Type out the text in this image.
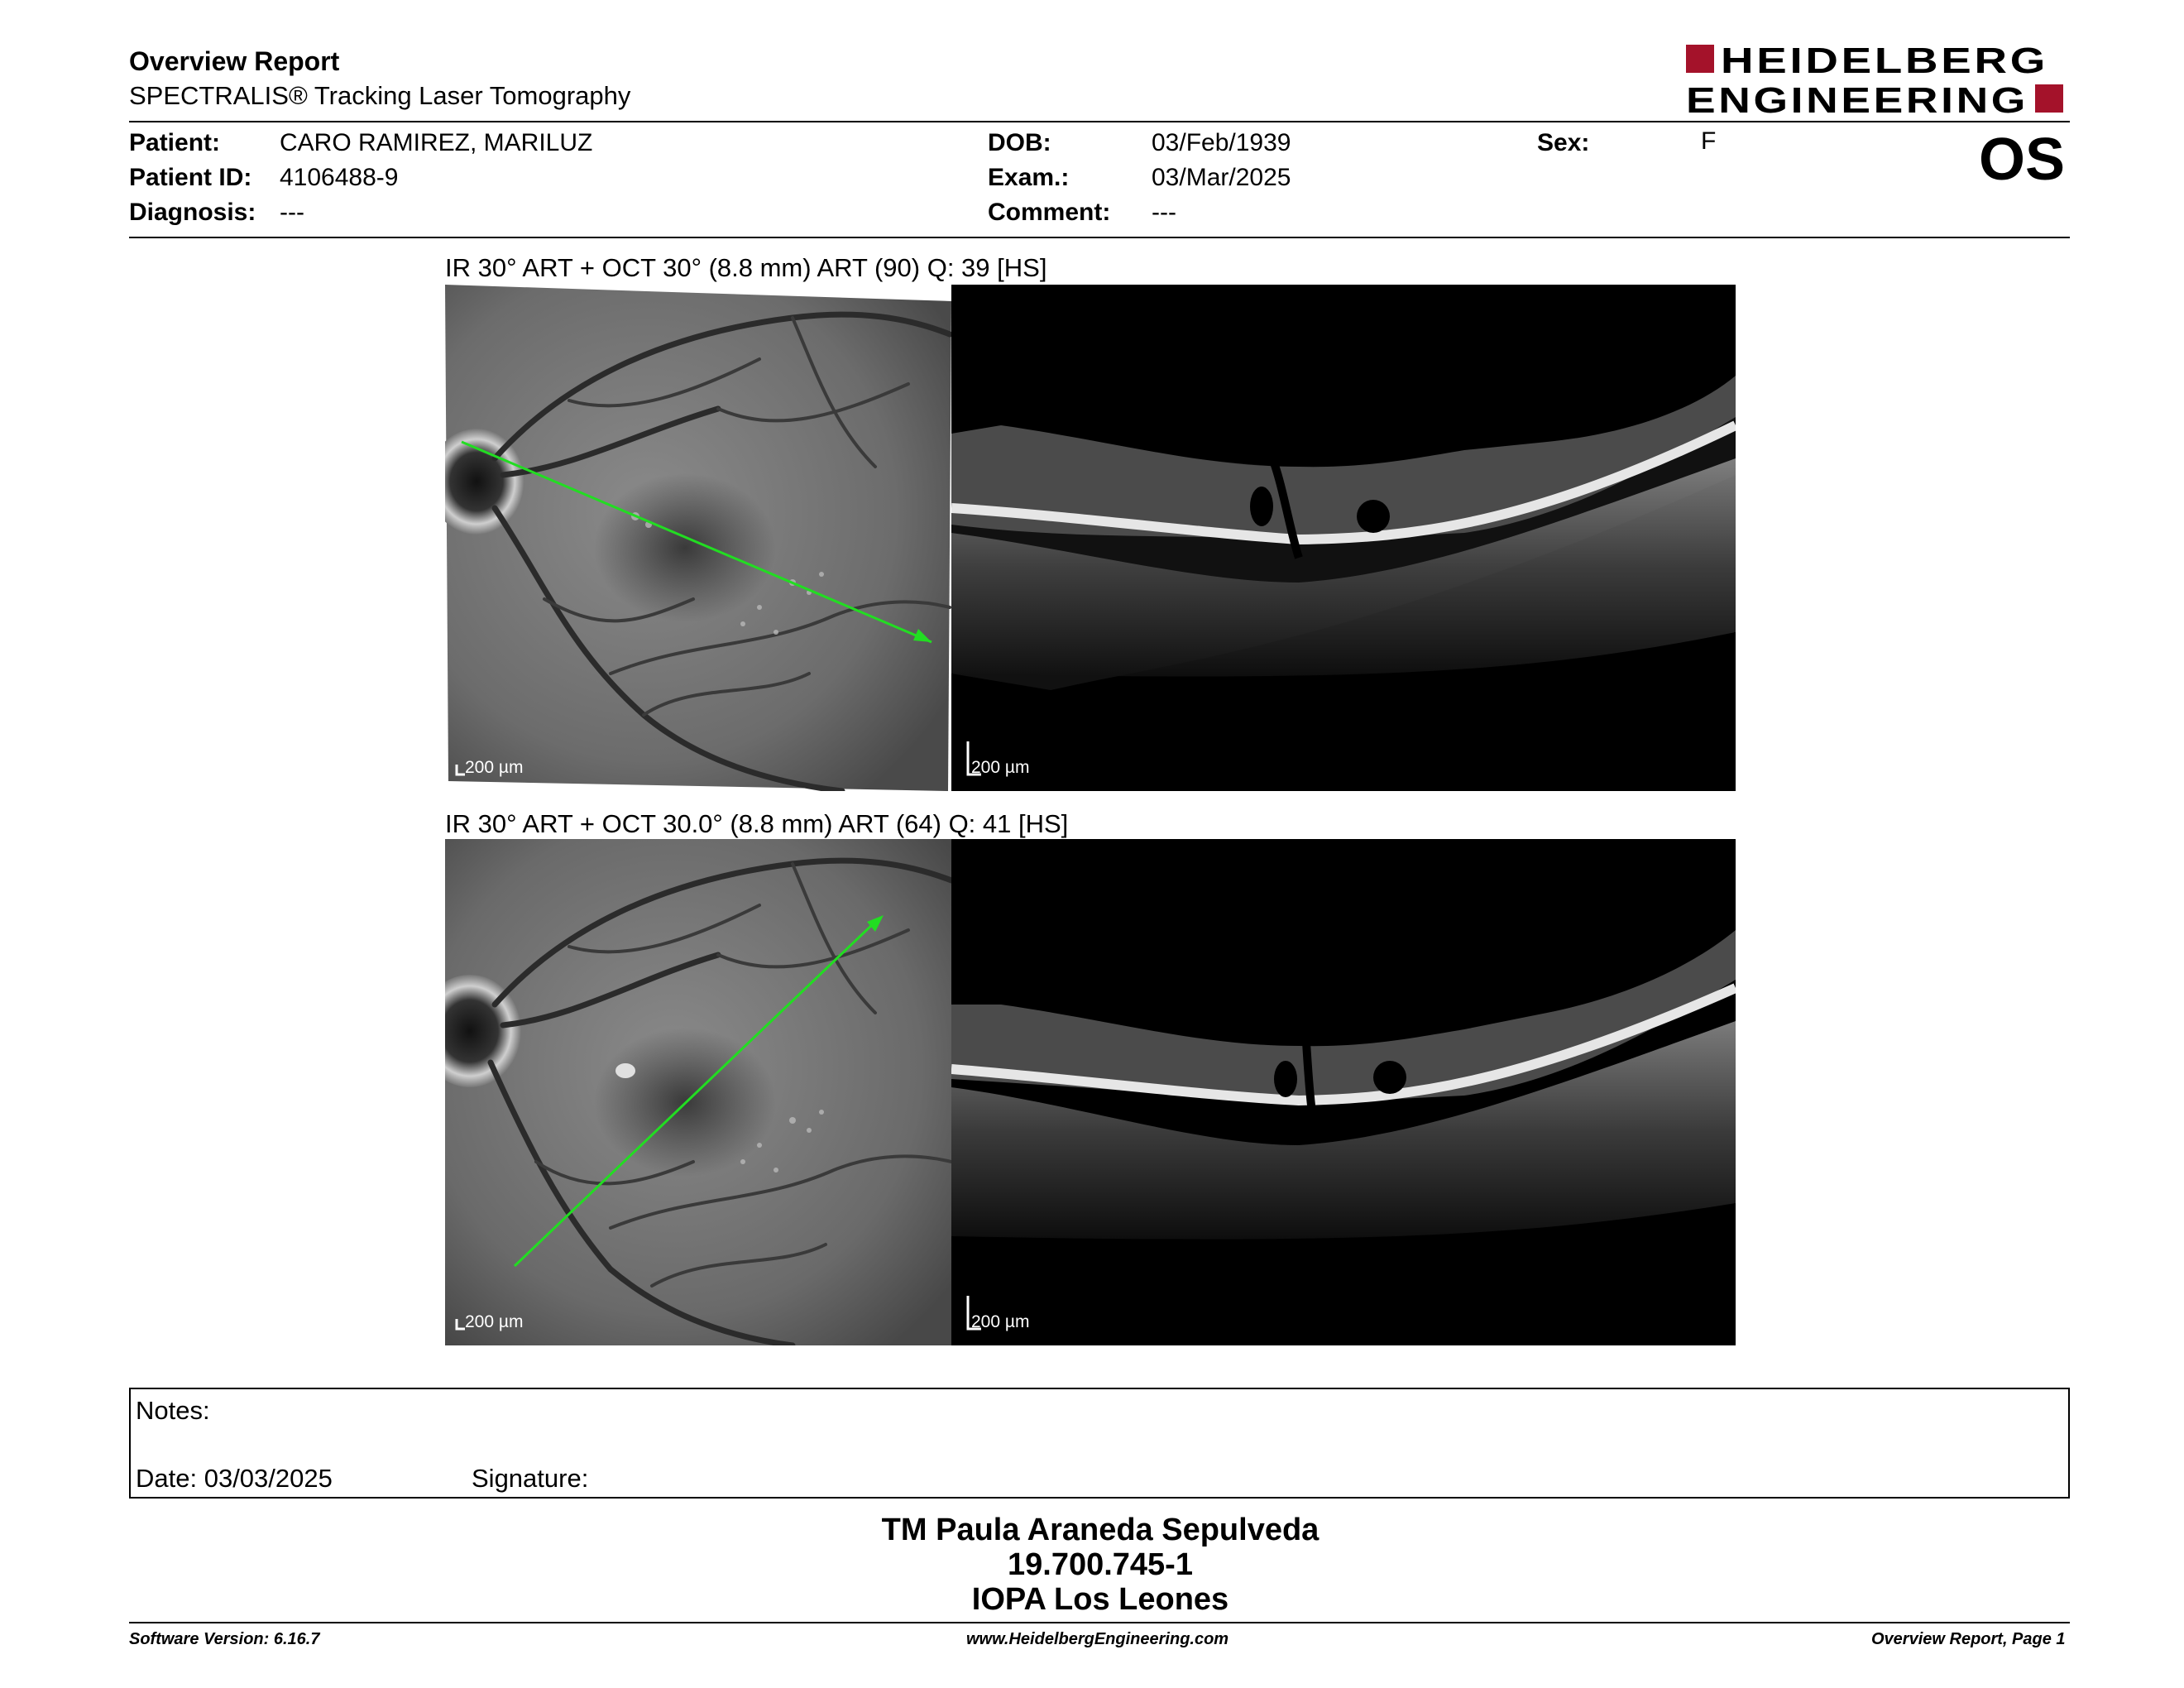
Overview Report
SPECTRALIS® Tracking Laser Tomography
HEIDELBERG
ENGINEERING
Patient: CARO RAMIREZ, MARILUZ
Patient ID: 4106488-9
Diagnosis: ---
DOB:	03/Feb/1939
Exam.:	03/Mar/2025
Comment: ---
Sex:	F	OS
IR 30° ART + OCT 30° (8.8 mm) ART (90) Q: 39 [HS]
200 µm	200 µm
IR 30° ART + OCT 30.0° (8.8 mm) ART (64) Q: 41 [HS]
200 µm	200 µm
Notes:
Date: 03/03/2025	Signature:
TM Paula Araneda Sepulveda
19.700.745-1
IOPA Los Leones
Software Version: 6.16.7	www.HeidelbergEngineering.com	Overview Report, Page 1
